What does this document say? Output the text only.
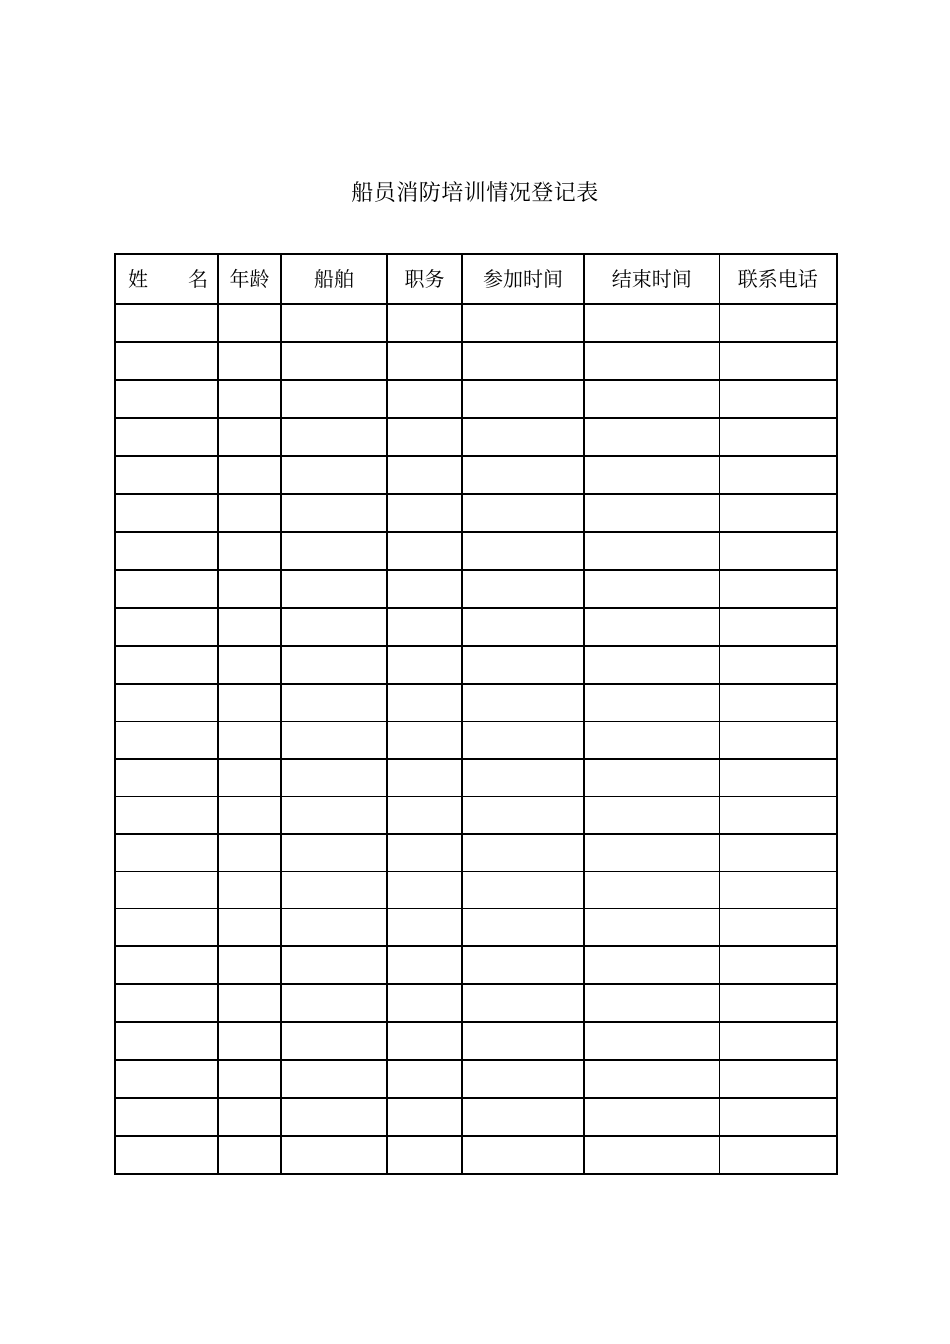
船员消防培训情况登记表
姓　　名	年龄	船舶	职务	参加时间	结束时间	联系电话
